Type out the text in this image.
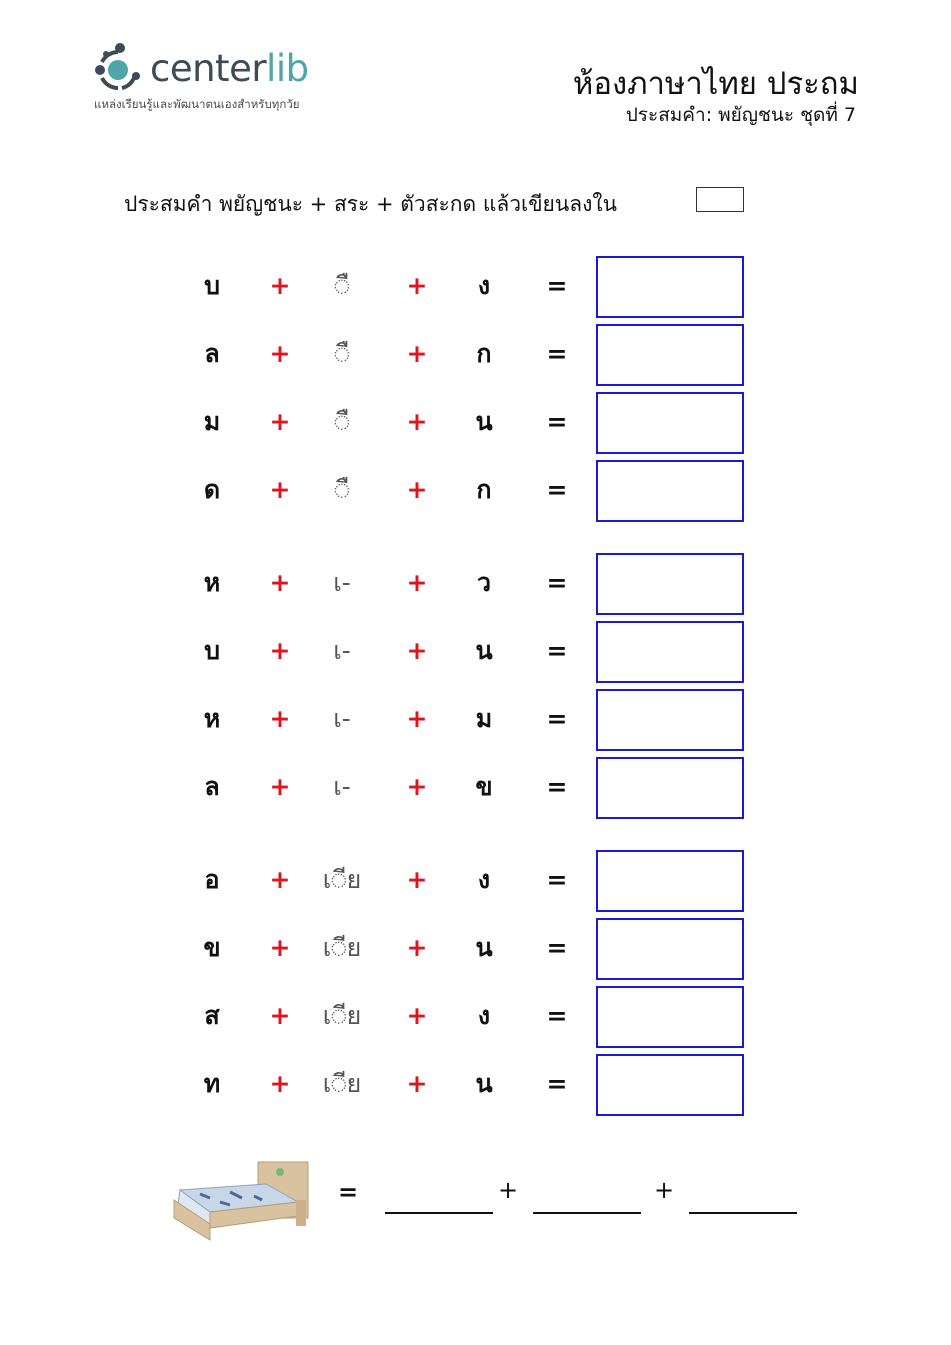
centerlib
แหล่งเรียนรู้และพัฒนาตนเองสำหรับทุกวัย
ห้องภาษาไทย ประถม
ประสมคำ: พยัญชนะ ชุดที่ 7
ประสมคำ พยัญชนะ + สระ + ตัวสะกด แล้วเขียนลงใน
บ	+	◌ื	+	ง	=
ล	+	◌ื	+	ก	=
ม	+	◌ื	+	น	=
ด	+	◌ื	+	ก	=
ห	+	เ-	+	ว	=
บ	+	เ-	+	น	=
ห	+	เ-	+	ม	=
ล	+	เ-	+	ข	=
อ	+	เ◌ีย	+	ง	=
ข	+	เ◌ีย	+	น	=
ส	+	เ◌ีย	+	ง	=
ท	+	เ◌ีย	+	น	=
=	+	+
